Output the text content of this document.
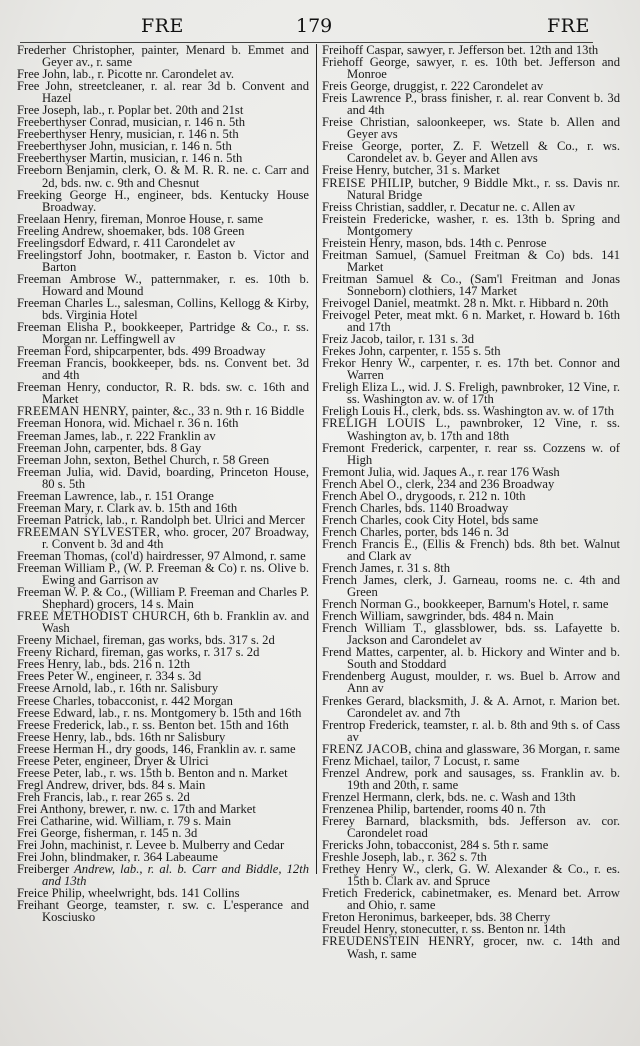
FRE	179	FRE

Frederher Christopher, painter, Menard b. Emmet and Geyer av., r. same

Free John, lab., r. Picotte nr. Carondelet av.

Free John, streetcleaner, r. al. rear 3d b. Convent and Hazel

Free Joseph, lab., r. Poplar bet. 20th and 21st

Freeberthyser Conrad, musician, r. 146 n. 5th

Freeberthyser Henry, musician, r. 146 n. 5th

Freeberthyser John, musician, r. 146 n. 5th

Freeberthyser Martin, musician, r. 146 n. 5th

Freeborn Benjamin, clerk, O. & M. R. R. ne. c. Carr and 2d, bds. nw. c. 9th and Chesnut

Freeking George H., engineer, bds. Kentucky House Broadway.

Freelaan Henry, fireman, Monroe House, r. same

Freeling Andrew, shoemaker, bds. 108 Green

Freelingsdorf Edward, r. 411 Carondelet av

Freelingstorf John, bootmaker, r. Easton b. Victor and Barton

Freeman Ambrose W., patternmaker, r. es. 10th b. Howard and Mound

Freeman Charles L., salesman, Collins, Kellogg & Kirby, bds. Virginia Hotel

Freeman Elisha P., bookkeeper, Partridge & Co., r. ss. Morgan nr. Leffingwell av

Freeman Ford, shipcarpenter, bds. 499 Broadway

Freeman Francis, bookkeeper, bds. ns. Convent bet. 3d and 4th

Freeman Henry, conductor, R. R. bds. sw. c. 16th and Market

FREEMAN HENRY, painter, &c., 33 n. 9th r. 16 Biddle

Freeman Honora, wid. Michael r. 36 n. 16th

Freeman James, lab., r. 222 Franklin av

Freeman John, carpenter, bds. 8 Gay

Freeman John, sexton, Bethel Church, r. 58 Green

Freeman Julia, wid. David, boarding, Princeton House, 80 s. 5th

Freeman Lawrence, lab., r. 151 Orange

Freeman Mary, r. Clark av. b. 15th and 16th

Freeman Patrick, lab., r. Randolph bet. Ulrici and Mercer

FREEMAN SYLVESTER, who. grocer, 207 Broadway, r. Convent b. 3d and 4th

Freeman Thomas, (col'd) hairdresser, 97 Almond, r. same

Freeman William P., (W. P. Freeman & Co) r. ns. Olive b. Ewing and Garrison av

Freeman W. P. & Co., (William P. Freeman and Charles P. Shephard) grocers, 14 s. Main

FREE METHODIST CHURCH, 6th b. Franklin av. and Wash

Freeny Michael, fireman, gas works, bds. 317 s. 2d

Freeny Richard, fireman, gas works, r. 317 s. 2d

Frees Henry, lab., bds. 216 n. 12th

Frees Peter W., engineer, r. 334 s. 3d

Freese Arnold, lab., r. 16th nr. Salisbury

Freese Charles, tobacconist, r. 442 Morgan

Freese Edward, lab., r. ns. Montgomery b. 15th and 16th

Freese Frederick, lab., r. ss. Benton bet. 15th and 16th

Freese Henry, lab., bds. 16th nr Salisbury

Freese Herman H., dry goods, 146, Franklin av. r. same

Freese Peter, engineer, Dryer & Ulrici

Freese Peter, lab., r. ws. 15th b. Benton and n. Market

Fregl Andrew, driver, bds. 84 s. Main

Freh Francis, lab., r. rear 265 s. 2d

Frei Anthony, brewer, r. nw. c. 17th and Market

Frei Catharine, wid. William, r. 79 s. Main

Frei George, fisherman, r. 145 n. 3d

Frei John, machinist, r. Levee b. Mulberry and Cedar

Frei John, blindmaker, r. 364 Labeaume

Freiberger Andrew, lab., r. al. b. Carr and Biddle, 12th and 13th

Freice Philip, wheelwright, bds. 141 Collins

Freihant George, teamster, r. sw. c. L'esperance and Kosciusko

Freihoff Caspar, sawyer, r. Jefferson bet. 12th and 13th

Friehoff George, sawyer, r. es. 10th bet. Jefferson and Monroe

Freis George, druggist, r. 222 Carondelet av

Freis Lawrence P., brass finisher, r. al. rear Convent b. 3d and 4th

Freise Christian, saloonkeeper, ws. State b. Allen and Geyer avs

Freise George, porter, Z. F. Wetzell & Co., r. ws. Carondelet av. b. Geyer and Allen avs

Freise Henry, butcher, 31 s. Market

FREISE PHILIP, butcher, 9 Biddle Mkt., r. ss. Davis nr. Natural Bridge

Freiss Christian, saddler, r. Decatur ne. c. Allen av

Freistein Fredericke, washer, r. es. 13th b. Spring and Montgomery

Freistein Henry, mason, bds. 14th c. Penrose

Freitman Samuel, (Samuel Freitman & Co) bds. 141 Market

Freitman Samuel & Co., (Sam'l Freitman and Jonas Sonneborn) clothiers, 147 Market

Freivogel Daniel, meatmkt. 28 n. Mkt. r. Hibbard n. 20th

Freivogel Peter, meat mkt. 6 n. Market, r. Howard b. 16th and 17th

Freiz Jacob, tailor, r. 131 s. 3d

Frekes John, carpenter, r. 155 s. 5th

Frekor Henry W., carpenter, r. es. 17th bet. Connor and Warren

Freligh Eliza L., wid. J. S. Freligh, pawnbroker, 12 Vine, r. ss. Washington av. w. of 17th

Freligh Louis H., clerk, bds. ss. Washington av. w. of 17th

FRELIGH LOUIS L., pawnbroker, 12 Vine, r. ss. Washington av, b. 17th and 18th

Fremont Frederick, carpenter, r. rear ss. Cozzens w. of High

Fremont Julia, wid. Jaques A., r. rear 176 Wash

French Abel O., clerk, 234 and 236 Broadway

French Abel O., drygoods, r. 212 n. 10th

French Charles, bds. 1140 Broadway

French Charles, cook City Hotel, bds same

French Charles, porter, bds 146 n. 3d

French Francis E., (Ellis & French) bds. 8th bet. Walnut and Clark av

French James, r. 31 s. 8th

French James, clerk, J. Garneau, rooms ne. c. 4th and Green

French Norman G., bookkeeper, Barnum's Hotel, r. same

French William, sawgrinder, bds. 484 n. Main

French William T., glassblower, bds. ss. Lafayette b. Jackson and Carondelet av

Frend Mattes, carpenter, al. b. Hickory and Winter and b. South and Stoddard

Frendenberg August, moulder, r. ws. Buel b. Arrow and Ann av

Frenkes Gerard, blacksmith, J. & A. Arnot, r. Marion bet. Carondelet av. and 7th

Frentrop Frederick, teamster, r. al. b. 8th and 9th s. of Cass av

FRENZ JACOB, china and glassware, 36 Morgan, r. same

Frenz Michael, tailor, 7 Locust, r. same

Frenzel Andrew, pork and sausages, ss. Franklin av. b. 19th and 20th, r. same

Frenzel Hermann, clerk, bds. ne. c. Wash and 13th

Frenzenea Philip, bartender, rooms 40 n. 7th

Frerey Barnard, blacksmith, bds. Jefferson av. cor. Carondelet road

Frericks John, tobacconist, 284 s. 5th r. same

Freshle Joseph, lab., r. 362 s. 7th

Frethey Henry W., clerk, G. W. Alexander & Co., r. es. 15th b. Clark av. and Spruce

Fretich Frederick, cabinetmaker, es. Menard bet. Arrow and Ohio, r. same

Freton Heronimus, barkeeper, bds. 38 Cherry

Freudel Henry, stonecutter, r. ss. Benton nr. 14th

FREUDENSTEIN HENRY, grocer, nw. c. 14th and Wash, r. same
